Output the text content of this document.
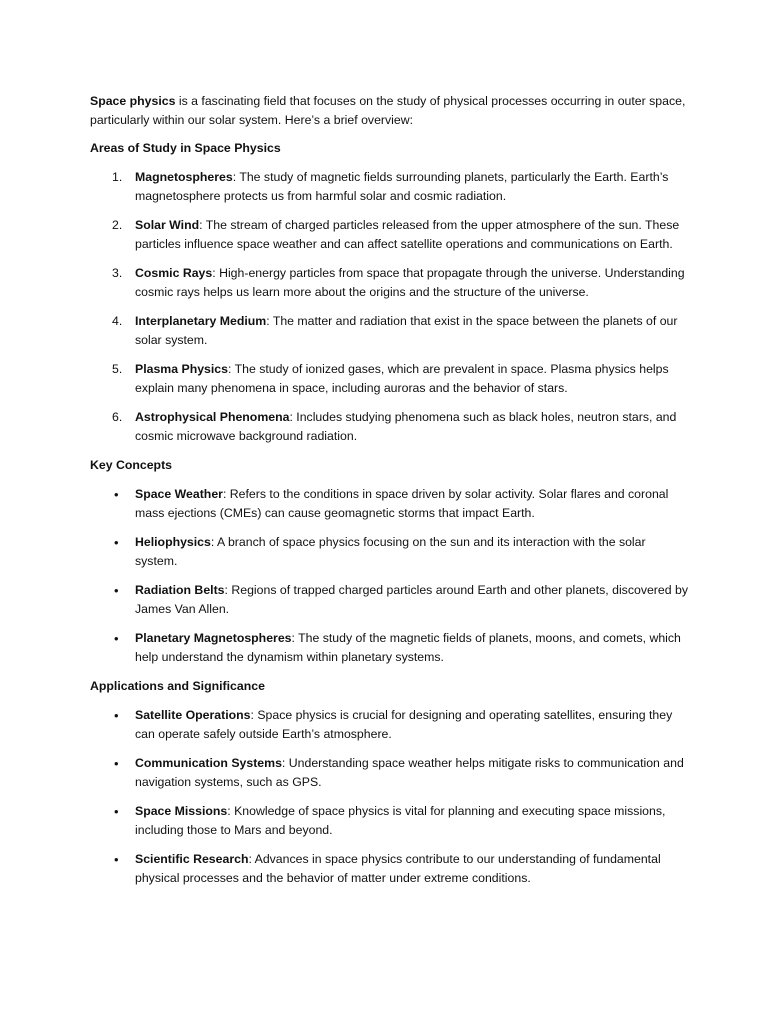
Space physics is a fascinating field that focuses on the study of physical processes occurring in outer space, particularly within our solar system. Here’s a brief overview:

Areas of Study in Space Physics

1. Magnetospheres: The study of magnetic fields surrounding planets, particularly the Earth. Earth’s magnetosphere protects us from harmful solar and cosmic radiation.
2. Solar Wind: The stream of charged particles released from the upper atmosphere of the sun. These particles influence space weather and can affect satellite operations and communications on Earth.
3. Cosmic Rays: High-energy particles from space that propagate through the universe. Understanding cosmic rays helps us learn more about the origins and the structure of the universe.
4. Interplanetary Medium: The matter and radiation that exist in the space between the planets of our solar system.
5. Plasma Physics: The study of ionized gases, which are prevalent in space. Plasma physics helps explain many phenomena in space, including auroras and the behavior of stars.
6. Astrophysical Phenomena: Includes studying phenomena such as black holes, neutron stars, and cosmic microwave background radiation.

Key Concepts

• Space Weather: Refers to the conditions in space driven by solar activity. Solar flares and coronal mass ejections (CMEs) can cause geomagnetic storms that impact Earth.
• Heliophysics: A branch of space physics focusing on the sun and its interaction with the solar system.
• Radiation Belts: Regions of trapped charged particles around Earth and other planets, discovered by James Van Allen.
• Planetary Magnetospheres: The study of the magnetic fields of planets, moons, and comets, which help understand the dynamism within planetary systems.

Applications and Significance

• Satellite Operations: Space physics is crucial for designing and operating satellites, ensuring they can operate safely outside Earth’s atmosphere.
• Communication Systems: Understanding space weather helps mitigate risks to communication and navigation systems, such as GPS.
• Space Missions: Knowledge of space physics is vital for planning and executing space missions, including those to Mars and beyond.
• Scientific Research: Advances in space physics contribute to our understanding of fundamental physical processes and the behavior of matter under extreme conditions.
